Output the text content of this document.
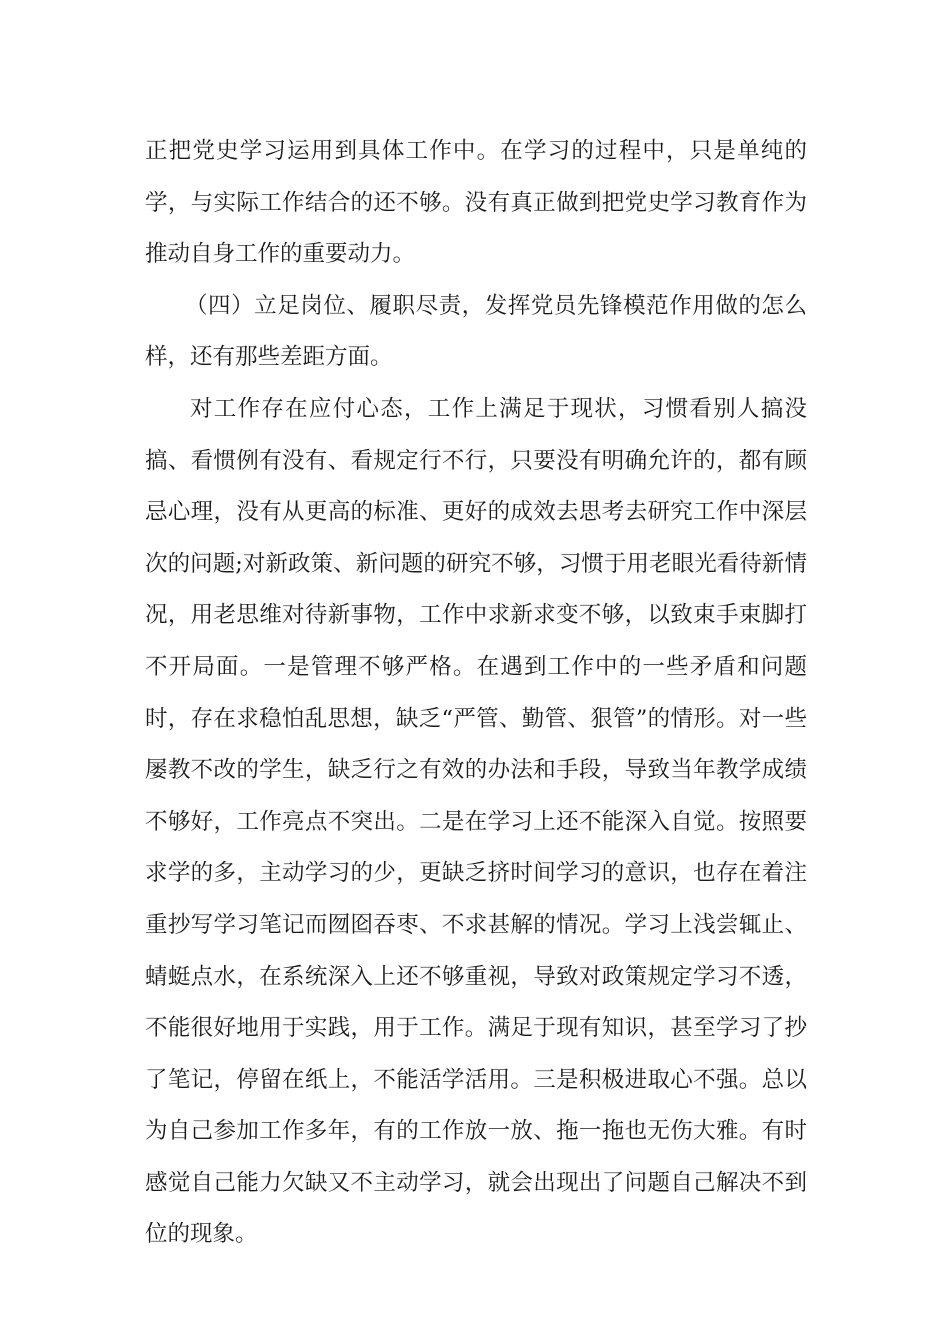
正把党史学习运用到具体工作中。在学习的过程中，只是单纯的学，与实际工作结合的还不够。没有真正做到把党史学习教育作为推动自身工作的重要动力。

（四）立足岗位、履职尽责，发挥党员先锋模范作用做的怎么样，还有那些差距方面。

对工作存在应付心态，工作上满足于现状，习惯看别人搞没搞、看惯例有没有、看规定行不行，只要没有明确允许的，都有顾忌心理，没有从更高的标准、更好的成效去思考去研究工作中深层次的问题;对新政策、新问题的研究不够，习惯于用老眼光看待新情况，用老思维对待新事物，工作中求新求变不够，以致束手束脚打不开局面。一是管理不够严格。在遇到工作中的一些矛盾和问题时，存在求稳怕乱思想，缺乏“严管、勤管、狠管”的情形。对一些屡教不改的学生，缺乏行之有效的办法和手段，导致当年教学成绩不够好，工作亮点不突出。二是在学习上还不能深入自觉。按照要求学的多，主动学习的少，更缺乏挤时间学习的意识，也存在着注重抄写学习笔记而囫囵吞枣、不求甚解的情况。学习上浅尝辄止、蜻蜓点水，在系统深入上还不够重视，导致对政策规定学习不透，不能很好地用于实践，用于工作。满足于现有知识，甚至学习了抄了笔记，停留在纸上，不能活学活用。三是积极进取心不强。总以为自己参加工作多年，有的工作放一放、拖一拖也无伤大雅。有时感觉自己能力欠缺又不主动学习，就会出现出了问题自己解决不到位的现象。
